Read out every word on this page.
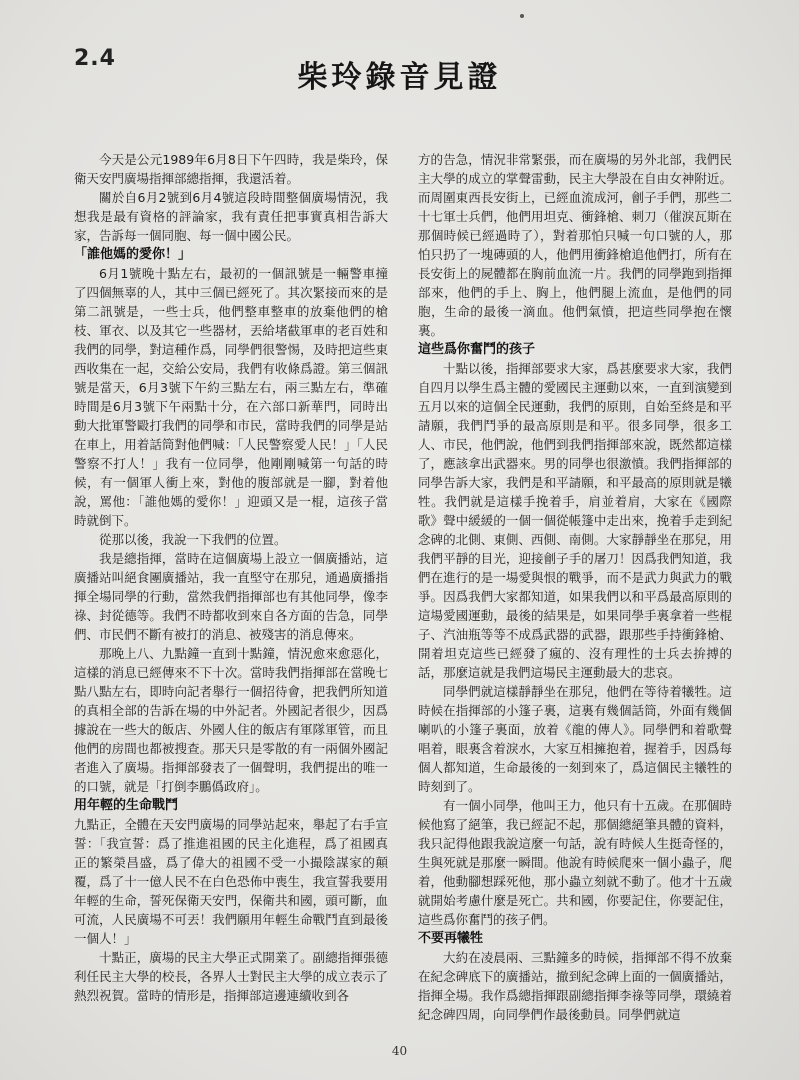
2.4
柴玲錄音見證

今天是公元1989年6月8日下午四時，我是柴玲，保衛天安門廣場指揮部總指揮，我還活着。

關於自6月2號到6月4號這段時間整個廣場情況，我想我是最有資格的評論家，我有責任把事實真相告訴大家，告訴每一個同胞、每一個中國公民。

「誰他媽的愛你！」

6月1號晚十點左右，最初的一個訊號是一輛警車撞了四個無辜的人，其中三個已經死了。其次緊接而來的是第二訊號是，一些士兵，他們整車整車的放棄他們的槍枝、軍衣、以及其它一些器材，丟給堵截軍車的老百姓和我們的同學，對這種作爲，同學們很警惕，及時把這些東西收集在一起，交給公安局，我們有收條爲證。第三個訊號是當天，6月3號下午約三點左右，兩三點左右，準確時間是6月3號下午兩點十分，在六部口新華門，同時出動大批軍警毆打我們的同學和市民，當時我們的同學是站在車上，用着話筒對他們喊：「人民警察愛人民！」「人民警察不打人！」我有一位同學，他剛剛喊第一句話的時候，有一個軍人衝上來，對他的腹部就是一腳，對着他說，罵他：「誰他媽的愛你！」迎頭又是一棍，這孩子當時就倒下。

從那以後，我說一下我們的位置。

我是總指揮，當時在這個廣場上設立一個廣播站，這廣播站叫絕食團廣播站，我一直堅守在那兒，通過廣播指揮全場同學的行動，當然我們指揮部也有其他同學，像李祿、封從德等。我們不時都收到來自各方面的告急，同學們、市民們不斷有被打的消息、被殘害的消息傳來。

那晚上八、九點鐘一直到十點鐘，情況愈來愈惡化，這樣的消息已經傳來不下十次。當時我們指揮部在當晚七點八點左右，即時向記者舉行一個招待會，把我們所知道的真相全部的告訴在場的中外記者。外國記者很少，因爲據說在一些大的飯店、外國人住的飯店有軍隊軍管，而且他們的房間也都被搜查。那天只是零散的有一兩個外國記者進入了廣場。指揮部發表了一個聲明，我們提出的唯一的口號，就是「打倒李鵬僞政府」。

用年輕的生命戰鬥

九點正，全體在天安門廣場的同學站起來，舉起了右手宣誓：「我宣誓：爲了推進祖國的民主化進程，爲了祖國真正的繁榮昌盛，爲了偉大的祖國不受一小撮陰謀家的顛覆，爲了十一億人民不在白色恐佈中喪生，我宣誓我要用年輕的生命，誓死保衛天安門，保衛共和國，頭可斷，血可流，人民廣場不可丟！我們願用年輕生命戰鬥直到最後一個人！」

十點正，廣場的民主大學正式開業了。副總指揮張德利任民主大學的校長，各界人士對民主大學的成立表示了熱烈祝賀。當時的情形是，指揮部這邊連續收到各

方的告急，情況非常緊張，而在廣場的另外北部，我們民主大學的成立的掌聲雷動，民主大學設在自由女神附近。而周圍東西長安街上，已經血流成河，劊子手們，那些二十七軍士兵們，他們用坦克、衝鋒槍、刺刀（催淚瓦斯在那個時候已經過時了），對着那怕只喊一句口號的人，那怕只扔了一塊磚頭的人，他們用衝鋒槍追他們打，所有在長安街上的屍體都在胸前血流一片。我們的同學跑到指揮部來，他們的手上、胸上，他們腿上流血，是他們的同胞，生命的最後一滴血。他們氣憤，把這些同學抱在懷裏。

這些爲你奮鬥的孩子

十點以後，指揮部要求大家，爲甚麼要求大家，我們自四月以學生爲主體的愛國民主運動以來，一直到演變到五月以來的這個全民運動，我們的原則，自始至終是和平請願，我們鬥爭的最高原則是和平。很多同學，很多工人、市民，他們說，他們到我們指揮部來說，既然都這樣了，應該拿出武器來。男的同學也很激憤。我們指揮部的同學告訴大家，我們是和平請願，和平最高的原則就是犧牲。我們就是這樣手挽着手，肩並着肩，大家在《國際歌》聲中緩緩的一個一個從帳篷中走出來，挽着手走到紀念碑的北側、東側、西側、南側。大家靜靜坐在那兒，用我們平靜的目光，迎接劊子手的屠刀！因爲我們知道，我們在進行的是一場愛與恨的戰爭，而不是武力與武力的戰爭。因爲我們大家都知道，如果我們以和平爲最高原則的這場愛國運動，最後的結果是，如果同學手裏拿着一些棍子、汽油瓶等等不成爲武器的武器，跟那些手持衝鋒槍、開着坦克這些已經發了瘋的、沒有理性的士兵去拚搏的話，那麼這就是我們這場民主運動最大的悲哀。

同學們就這樣靜靜坐在那兒，他們在等待着犧牲。這時候在指揮部的小篷子裏，這裏有幾個話筒，外面有幾個喇叭的小篷子裏面，放着《龍的傳人》。同學們和着歌聲唱着，眼裏含着淚水，大家互相擁抱着，握着手，因爲每個人都知道，生命最後的一刻到來了，爲這個民主犧牲的時刻到了。

有一個小同學，他叫王力，他只有十五歲。在那個時候他寫了絕筆，我已經記不起，那個總絕筆具體的資料，我只記得他跟我說這麼一句話，說有時候人生挺奇怪的，生與死就是那麼一瞬間。他說有時候爬來一個小蟲子，爬着，他動腳想踩死他，那小蟲立刻就不動了。他才十五歲就開始考慮什麼是死亡。共和國，你要記住，你要記住，這些爲你奮鬥的孩子們。

不要再犧牲

大約在凌晨兩、三點鐘多的時候，指揮部不得不放棄在紀念碑底下的廣播站，撤到紀念碑上面的一個廣播站，指揮全場。我作爲總指揮跟副總指揮李祿等同學，環繞着紀念碑四周，向同學們作最後動員。同學們就這

40
